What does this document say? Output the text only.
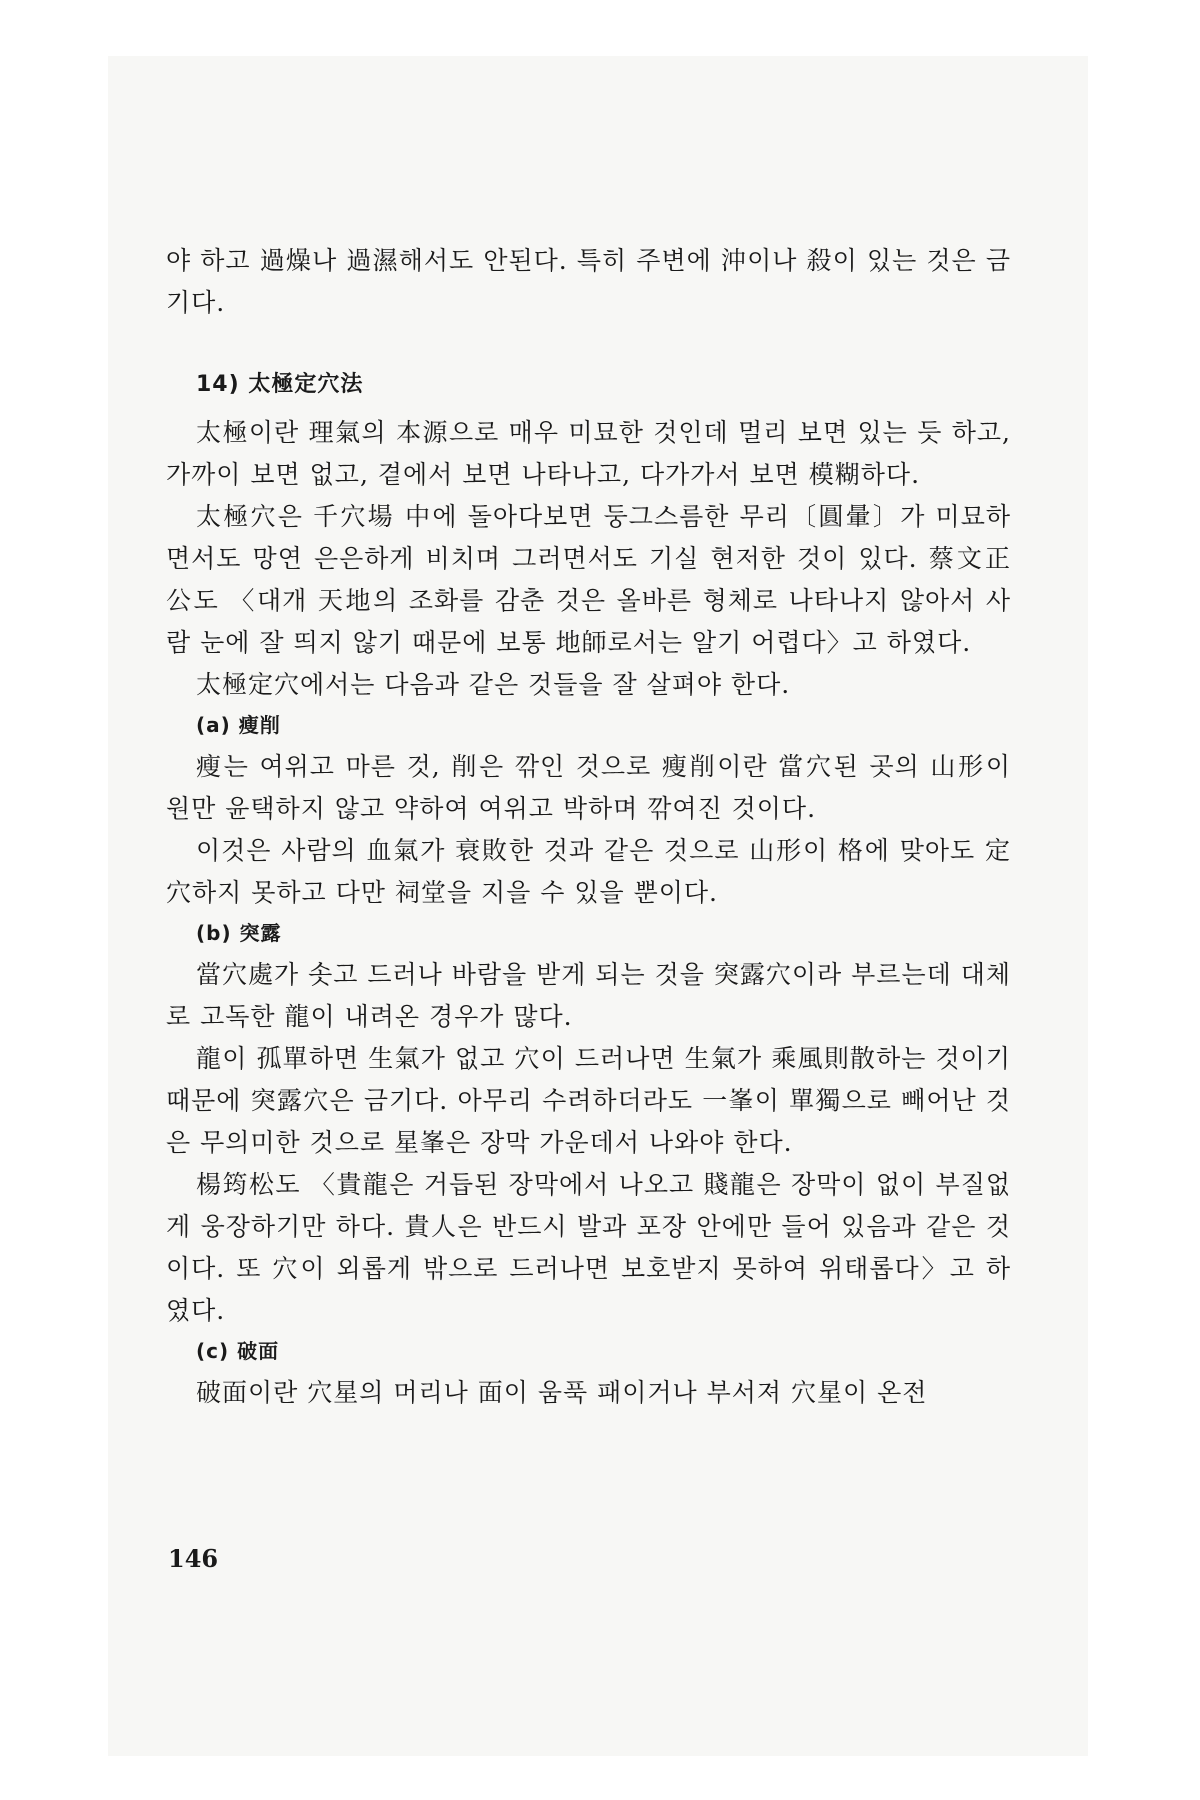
야 하고 過燥나 過濕해서도 안된다. 특히 주변에 沖이나 殺이 있는 것은 금기다.

14) 太極定穴法

太極이란 理氣의 本源으로 매우 미묘한 것인데 멀리 보면 있는 듯 하고, 가까이 보면 없고, 곁에서 보면 나타나고, 다가가서 보면 模糊하다.

太極穴은 千穴場 中에 돌아다보면 둥그스름한 무리〔圓暈〕가 미묘하면서도 망연 은은하게 비치며 그러면서도 기실 현저한 것이 있다. 蔡文正公도 〈대개 天地의 조화를 감춘 것은 올바른 형체로 나타나지 않아서 사람 눈에 잘 띄지 않기 때문에 보통 地師로서는 알기 어렵다〉고 하였다.

太極定穴에서는 다음과 같은 것들을 잘 살펴야 한다.

(a) 瘦削

瘦는 여위고 마른 것, 削은 깎인 것으로 瘦削이란 當穴된 곳의 山形이 원만 윤택하지 않고 약하여 여위고 박하며 깎여진 것이다.

이것은 사람의 血氣가 衰敗한 것과 같은 것으로 山形이 格에 맞아도 定穴하지 못하고 다만 祠堂을 지을 수 있을 뿐이다.

(b) 突露

當穴處가 솟고 드러나 바람을 받게 되는 것을 突露穴이라 부르는데 대체로 고독한 龍이 내려온 경우가 많다.

龍이 孤單하면 生氣가 없고 穴이 드러나면 生氣가 乘風則散하는 것이기 때문에 突露穴은 금기다. 아무리 수려하더라도 一峯이 單獨으로 빼어난 것은 무의미한 것으로 星峯은 장막 가운데서 나와야 한다.

楊筠松도 〈貴龍은 거듭된 장막에서 나오고 賤龍은 장막이 없이 부질없게 웅장하기만 하다. 貴人은 반드시 발과 포장 안에만 들어 있음과 같은 것이다. 또 穴이 외롭게 밖으로 드러나면 보호받지 못하여 위태롭다〉고 하였다.

(c) 破面

破面이란 穴星의 머리나 面이 움푹 패이거나 부서져 穴星이 온전

146
